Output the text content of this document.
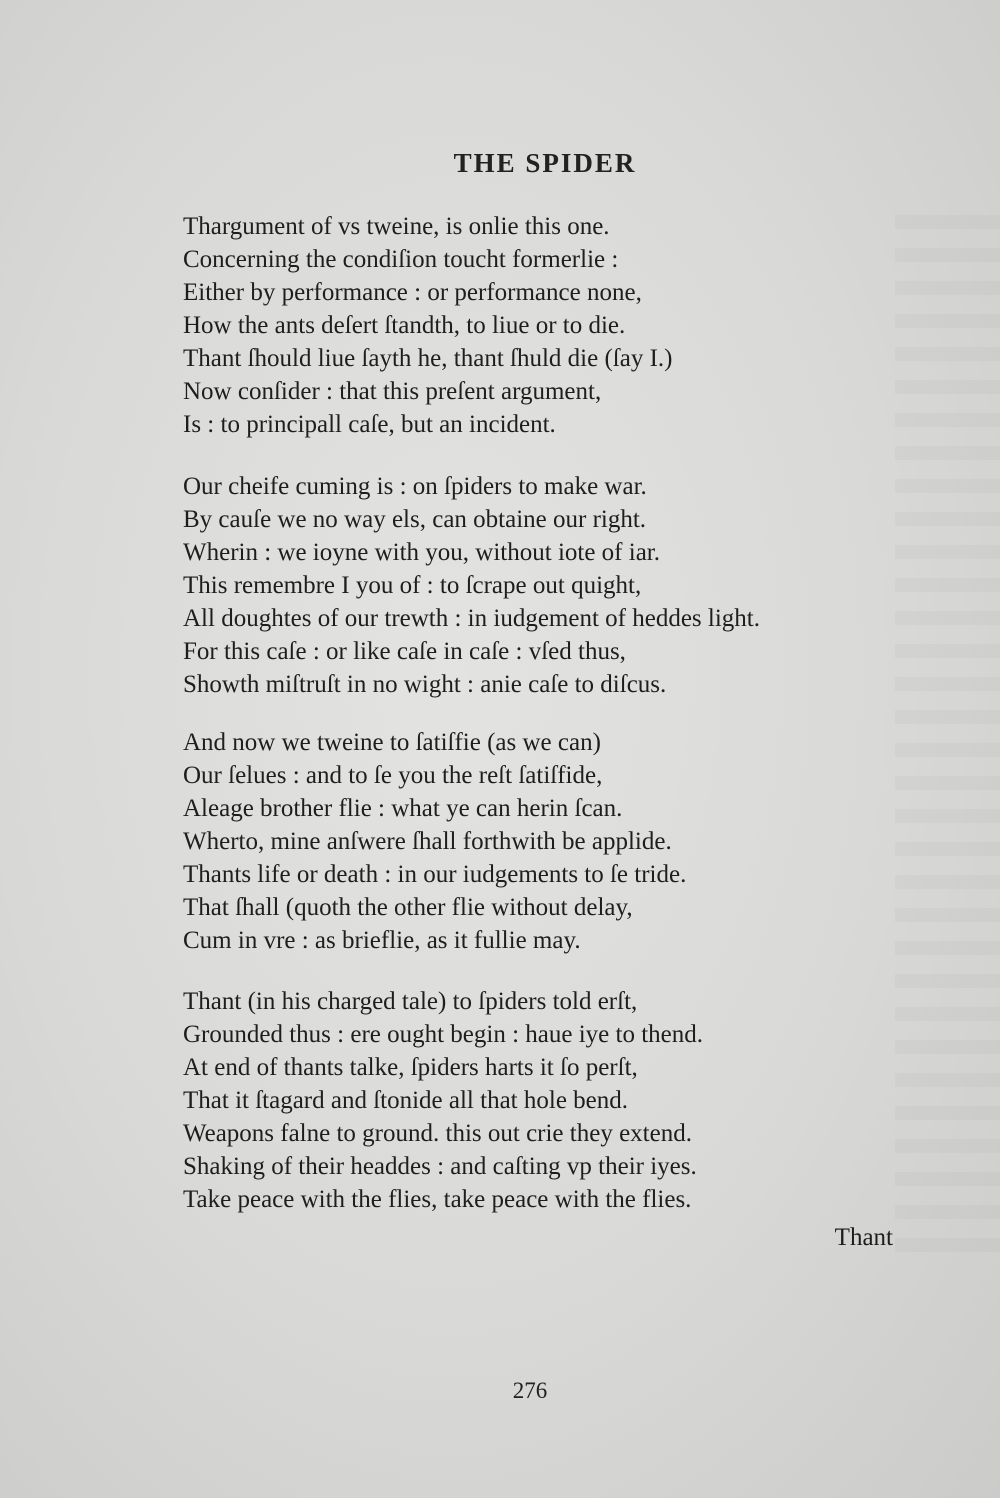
THE SPIDER
Thargument of vs tweine, is onlie this one.
Concerning the condiſion toucht formerlie :
Either by performance : or performance none,
How the ants deſert ſtandth, to liue or to die.
Thant ſhould liue ſayth he, thant ſhuld die (ſay I.)
Now conſider : that this preſent argument,
Is : to principall caſe, but an incident.
Our cheife cuming is : on ſpiders to make war.
By cauſe we no way els, can obtaine our right.
Wherin : we ioyne with you, without iote of iar.
This remembre I you of : to ſcrape out quight,
All doughtes of our trewth : in iudgement of heddes light.
For this caſe : or like caſe in caſe : vſed thus,
Showth miſtruſt in no wight : anie caſe to diſcus.
And now we tweine to ſatiſfie (as we can)
Our ſelues : and to ſe you the reſt ſatiſfide,
Aleage brother flie : what ye can herin ſcan.
Wherto, mine anſwere ſhall forthwith be applide.
Thants life or death : in our iudgements to ſe tride.
That ſhall (quoth the other flie without delay,
Cum in vre : as brieflie, as it fullie may.
Thant (in his charged tale) to ſpiders told erſt,
Grounded thus : ere ought begin : haue iye to thend.
At end of thants talke, ſpiders harts it ſo perſt,
That it ſtagard and ſtonide all that hole bend.
Weapons falne to ground. this out crie they extend.
Shaking of their headdes : and caſting vp their iyes.
Take peace with the flies, take peace with the flies.
Thant
276
